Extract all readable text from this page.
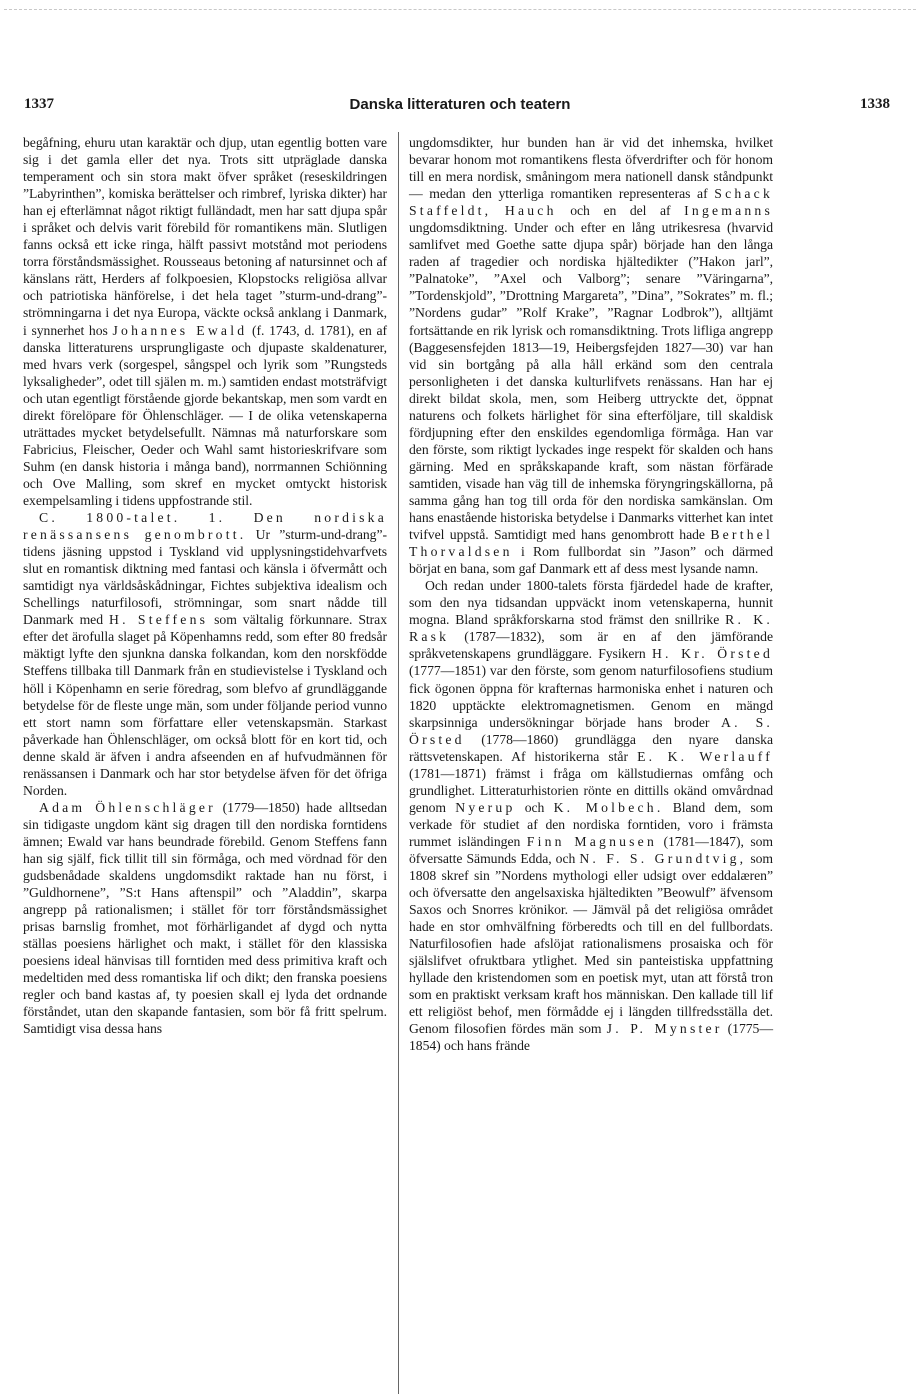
1337	Danska litteraturen och teatern	1338

begåfning, ehuru utan karaktär och djup, utan egentlig botten vare sig i det gamla eller det nya. Trots sitt utpräglade danska temperament och sin stora makt öfver språket (reseskildringen ”Labyrinthen”, komiska berättelser och rimbref, lyriska dikter) har han ej efterlämnat något riktigt fulländadt, men har satt djupa spår i språket och delvis varit förebild för romantikens män. Slutligen fanns också ett icke ringa, hälft passivt motstånd mot periodens torra förståndsmässighet. Rousseaus betoning af natursinnet och af känslans rätt, Herders af folkpoesien, Klopstocks religiösa allvar och patriotiska hänförelse, i det hela taget ”sturm-und-drang”-strömningarna i det nya Europa, väckte också anklang i Danmark, i synnerhet hos Johannes Ewald (f. 1743, d. 1781), en af danska litteraturens ursprungligaste och djupaste skaldenaturer, med hvars verk (sorgespel, sångspel och lyrik som ”Rungsteds lyksaligheder”, odet till själen m. m.) samtiden endast motsträfvigt och utan egentligt förstående gjorde bekantskap, men som vardt en direkt förelöpare för Öhlenschläger. — I de olika vetenskaperna uträttades mycket betydelsefullt. Nämnas må naturforskare som Fabricius, Fleischer, Oeder och Wahl samt historieskrifvare som Suhm (en dansk historia i många band), norrmannen Schiönning och Ove Malling, som skref en mycket omtyckt historisk exempelsamling i tidens uppfostrande stil.

C. 1800-talet. 1. Den nordiska renässansens genombrott. Ur ”sturm-und-drang”-tidens jäsning uppstod i Tyskland vid upplysningstidehvarfvets slut en romantisk diktning med fantasi och känsla i öfvermått och samtidigt nya världsåskådningar, Fichtes subjektiva idealism och Schellings naturfilosofi, strömningar, som snart nådde till Danmark med H. Steffens som vältalig förkunnare. Strax efter det ärofulla slaget på Köpenhamns redd, som efter 80 fredsår mäktigt lyfte den sjunkna danska folkandan, kom den norskfödde Steffens tillbaka till Danmark från en studievistelse i Tyskland och höll i Köpenhamn en serie föredrag, som blefvo af grundläggande betydelse för de fleste unge män, som under följande period vunno ett stort namn som författare eller vetenskapsmän. Starkast påverkade han Öhlenschläger, om också blott för en kort tid, och denne skald är äfven i andra afseenden en af hufvudmännen för renässansen i Danmark och har stor betydelse äfven för det öfriga Norden.

Adam Öhlenschläger (1779—1850) hade alltsedan sin tidigaste ungdom känt sig dragen till den nordiska forntidens ämnen; Ewald var hans beundrade förebild. Genom Steffens fann han sig själf, fick tillit till sin förmåga, och med vördnad för den gudsbenådade skaldens ungdomsdikt raktade han nu först, i ”Guldhornene”, ”S:t Hans aftenspil” och ”Aladdin”, skarpa angrepp på rationalismen; i stället för torr förståndsmässighet prisas barnslig fromhet, mot förhärligandet af dygd och nytta ställas poesiens härlighet och makt, i stället för den klassiska poesiens ideal hänvisas till forntiden med dess primitiva kraft och medeltiden med dess romantiska lif och dikt; den franska poesiens regler och band kastas af, ty poesien skall ej lyda det ordnande förståndet, utan den skapande fantasien, som bör få fritt spelrum. Samtidigt visa dessa hans

ungdomsdikter, hur bunden han är vid det inhemska, hvilket bevarar honom mot romantikens flesta öfverdrifter och för honom till en mera nordisk, småningom mera nationell dansk ståndpunkt — medan den ytterliga romantiken representeras af Schack Staffeldt, Hauch och en del af Ingemanns ungdomsdiktning. Under och efter en lång utrikesresa (hvarvid samlifvet med Goethe satte djupa spår) började han den långa raden af tragedier och nordiska hjältedikter (”Hakon jarl”, ”Palnatoke”, ”Axel och Valborg”; senare ”Väringarna”, ”Tordenskjold”, ”Drottning Margareta”, ”Dina”, ”Sokrates” m. fl.; ”Nordens gudar” ”Rolf Krake”, ”Ragnar Lodbrok”), alltjämt fortsättande en rik lyrisk och romansdiktning. Trots lifliga angrepp (Baggesensfejden 1813—19, Heibergsfejden 1827—30) var han vid sin bortgång på alla håll erkänd som den centrala personligheten i det danska kulturlifvets renässans. Han har ej direkt bildat skola, men, som Heiberg uttryckte det, öppnat naturens och folkets härlighet för sina efterföljare, till skaldisk fördjupning efter den enskildes egendomliga förmåga. Han var den förste, som riktigt lyckades inge respekt för skalden och hans gärning. Med en språkskapande kraft, som nästan förfärade samtiden, visade han väg till de inhemska föryngringskällorna, på samma gång han tog till orda för den nordiska samkänslan. Om hans enastående historiska betydelse i Danmarks vitterhet kan intet tvifvel uppstå. Samtidigt med hans genombrott hade Berthel Thorvaldsen i Rom fullbordat sin ”Jason” och därmed börjat en bana, som gaf Danmark ett af dess mest lysande namn.

Och redan under 1800-talets första fjärdedel hade de krafter, som den nya tidsandan uppväckt inom vetenskaperna, hunnit mogna. Bland språkforskarna stod främst den snillrike R. K. Rask (1787—1832), som är en af den jämförande språkvetenskapens grundläggare. Fysikern H. Kr. Örsted (1777—1851) var den förste, som genom naturfilosofiens studium fick ögonen öppna för krafternas harmoniska enhet i naturen och 1820 upptäckte elektromagnetismen. Genom en mängd skarpsinniga undersökningar började hans broder A. S. Örsted (1778—1860) grundlägga den nyare danska rättsvetenskapen. Af historikerna står E. K. Werlauff (1781—1871) främst i fråga om källstudiernas omfång och grundlighet. Litteraturhistorien rönte en dittills okänd omvårdnad genom Nyerup och K. Molbech. Bland dem, som verkade för studiet af den nordiska forntiden, voro i främsta rummet isländingen Finn Magnusen (1781—1847), som öfversatte Sämunds Edda, och N. F. S. Grundtvig, som 1808 skref sin ”Nordens mythologi eller udsigt over eddalæren” och öfversatte den angelsaxiska hjältedikten ”Beowulf” äfvensom Saxos och Snorres krönikor. — Jämväl på det religiösa området hade en stor omhvälfning förberedts och till en del fullbordats. Naturfilosofien hade afslöjat rationalismens prosaiska och för själslifvet ofruktbara ytlighet. Med sin panteistiska uppfattning hyllade den kristendomen som en poetisk myt, utan att förstå tron som en praktiskt verksam kraft hos människan. Den kallade till lif ett religiöst behof, men förmådde ej i längden tillfredsställa det. Genom filosofien fördes män som J. P. Mynster (1775—1854) och hans frände
